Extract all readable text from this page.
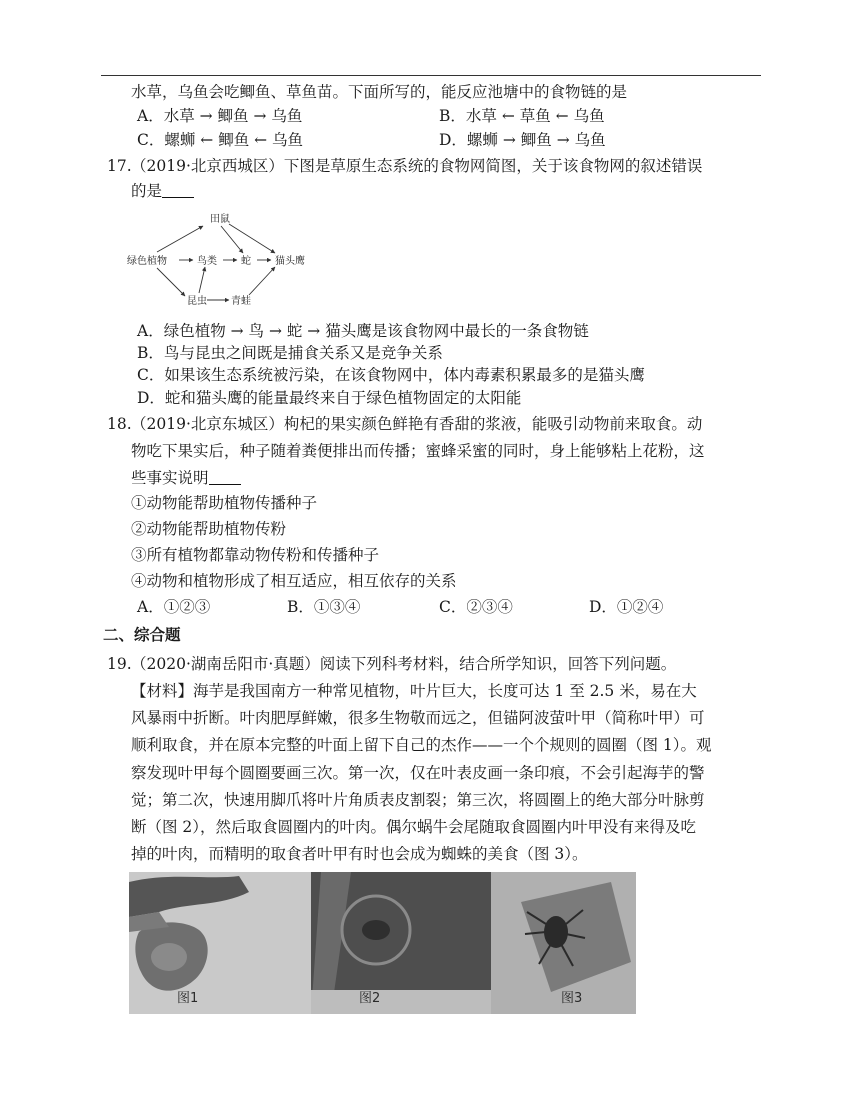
水草，乌鱼会吃鲫鱼、草鱼苗。下面所写的，能反应池塘中的食物链的是
A．水草 → 鲫鱼 → 乌鱼	B．水草 ← 草鱼 ← 乌鱼
C．螺蛳 ← 鲫鱼 ← 乌鱼	D．螺蛳 → 鲫鱼 → 乌鱼
17. （2019·北京西城区）下图是草原生态系统的食物网简图，关于该食物网的叙述错误
的是
田鼠
绿色植物	鸟类 蛇 猫头鹰
昆虫 青蛙
A．绿色植物 → 鸟 → 蛇 → 猫头鹰是该食物网中最长的一条食物链
B．鸟与昆虫之间既是捕食关系又是竞争关系
C．如果该生态系统被污染，在该食物网中，体内毒素积累最多的是猫头鹰
D．蛇和猫头鹰的能量最终来自于绿色植物固定的太阳能
18. （2019·北京东城区）枸杞的果实颜色鲜艳有香甜的浆液，能吸引动物前来取食。动
物吃下果实后，种子随着粪便排出而传播；蜜蜂采蜜的同时，身上能够粘上花粉，这
些事实说明
①动物能帮助植物传播种子
②动物能帮助植物传粉
③所有植物都靠动物传粉和传播种子
④动物和植物形成了相互适应，相互依存的关系
A．①②③	B．①③④	C．②③④	D．①②④
二、综合题
19. （2020·湖南岳阳市·真题）阅读下列科考材料，结合所学知识，回答下列问题。
【材料】海芋是我国南方一种常见植物，叶片巨大，长度可达 1 至 2.5 米，易在大
风暴雨中折断。叶肉肥厚鲜嫩，很多生物敬而远之，但锚阿波萤叶甲（简称叶甲）可
顺利取食，并在原本完整的叶面上留下自己的杰作——一个个规则的圆圈（图 1）。观
察发现叶甲每个圆圈要画三次。第一次，仅在叶表皮画一条印痕，不会引起海芋的警
觉；第二次，快速用脚爪将叶片角质表皮割裂；第三次，将圆圈上的绝大部分叶脉剪
断（图 2），然后取食圆圈内的叶肉。偶尔蜗牛会尾随取食圆圈内叶甲没有来得及吃
掉的叶肉，而精明的取食者叶甲有时也会成为蜘蛛的美食（图 3）。
图1	图2	图3
